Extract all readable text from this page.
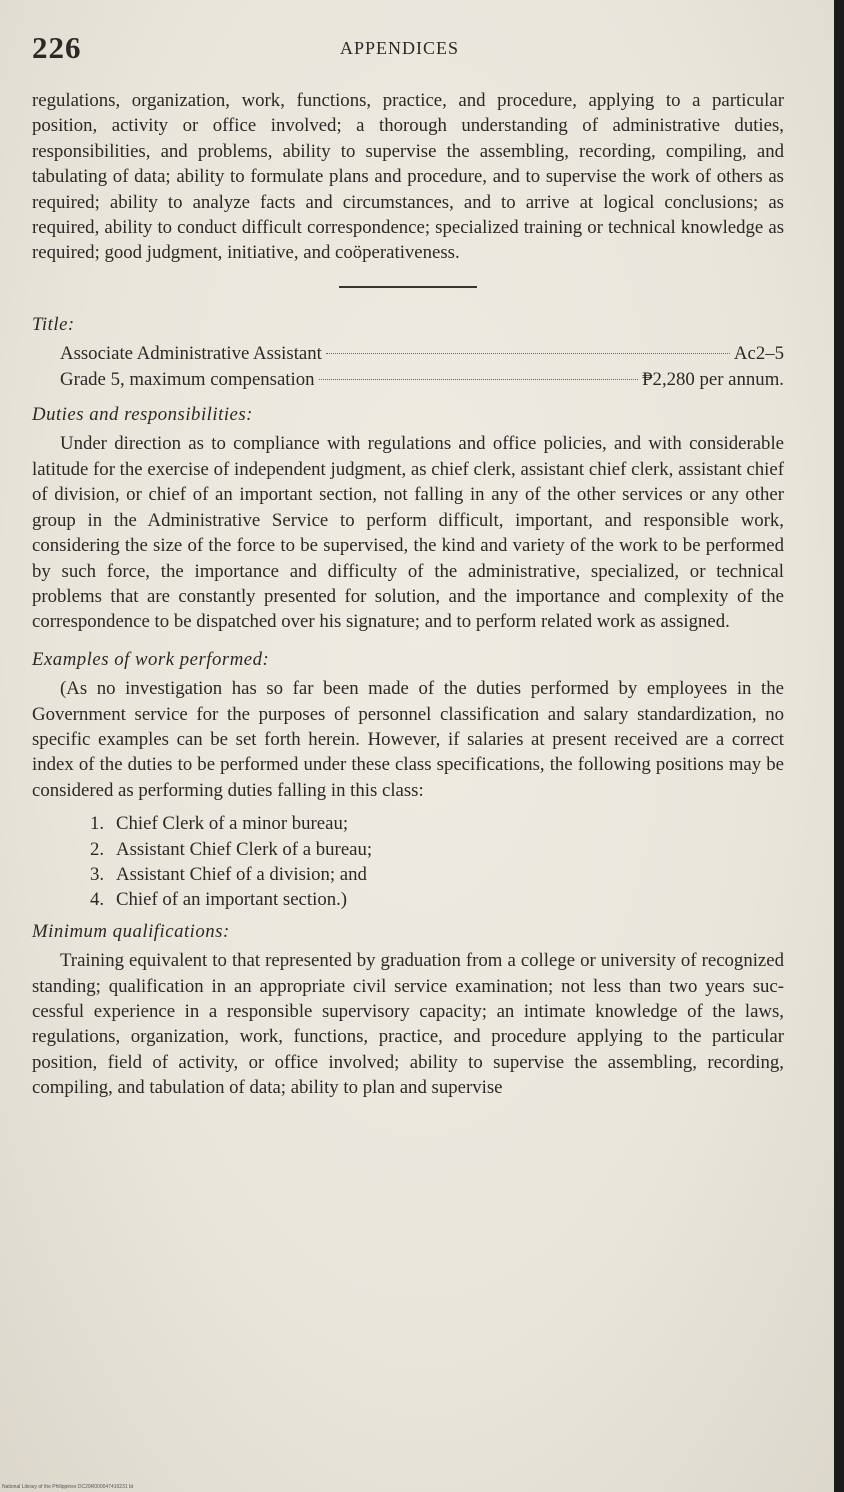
226	APPENDICES

regulations, organization, work, functions, practice, and procedure, applying to a particular position, activity or office involved; a thorough understanding of administrative duties, responsibilities, and problems, ability to supervise the assembling, recording, compiling, and tabulating of data; ability to formulate plans and procedure, and to supervise the work of others as required; ability to analyze facts and circumstances, and to arrive at logical conclusions; as required, ability to conduct difficult correspondence; specialized training or technical knowledge as required; good judgment, initiative, and coöperativeness.

Title:
Associate Administrative Assistant	Ac2–5
Grade 5, maximum compensation	₱2,280 per annum.
Duties and responsibilities:

Under direction as to compliance with regulations and office policies, and with considerable latitude for the exercise of independent judgment, as chief clerk, assistant chief clerk, assistant chief of division, or chief of an important section, not falling in any of the other services or any other group in the Administrative Service to perform difficult, important, and responsible work, considering the size of the force to be supervised, the kind and variety of the work to be performed by such force, the importance and difficulty of the administrative, specialized, or technical problems that are constantly presented for solution, and the importance and complexity of the correspondence to be dispatched over his signature; and to perform related work as assigned.

Examples of work performed:

(As no investigation has so far been made of the duties performed by employees in the Government service for the purposes of personnel classification and salary standardization, no specific examples can be set forth herein. However, if salaries at present received are a correct index of the duties to be performed under these class specifications, the following positions may be considered as performing duties falling in this class:

1. Chief Clerk of a minor bureau;
2. Assistant Chief Clerk of a bureau;
3. Assistant Chief of a division; and
4. Chief of an important section.)
Minimum qualifications:

Training equivalent to that represented by graduation from a college or university of recognized standing; qualification in an appropriate civil service examination; not less than two years successful experience in a responsible supervisory capacity; an intimate knowledge of the laws, regulations, organization, work, functions, practice, and procedure applying to the particular position, field of activity, or office involved; ability to supervise the assembling, recording, compiling, and tabulation of data; ability to plan and supervise

National Library of the Philippines DC29R000047410231 bt
